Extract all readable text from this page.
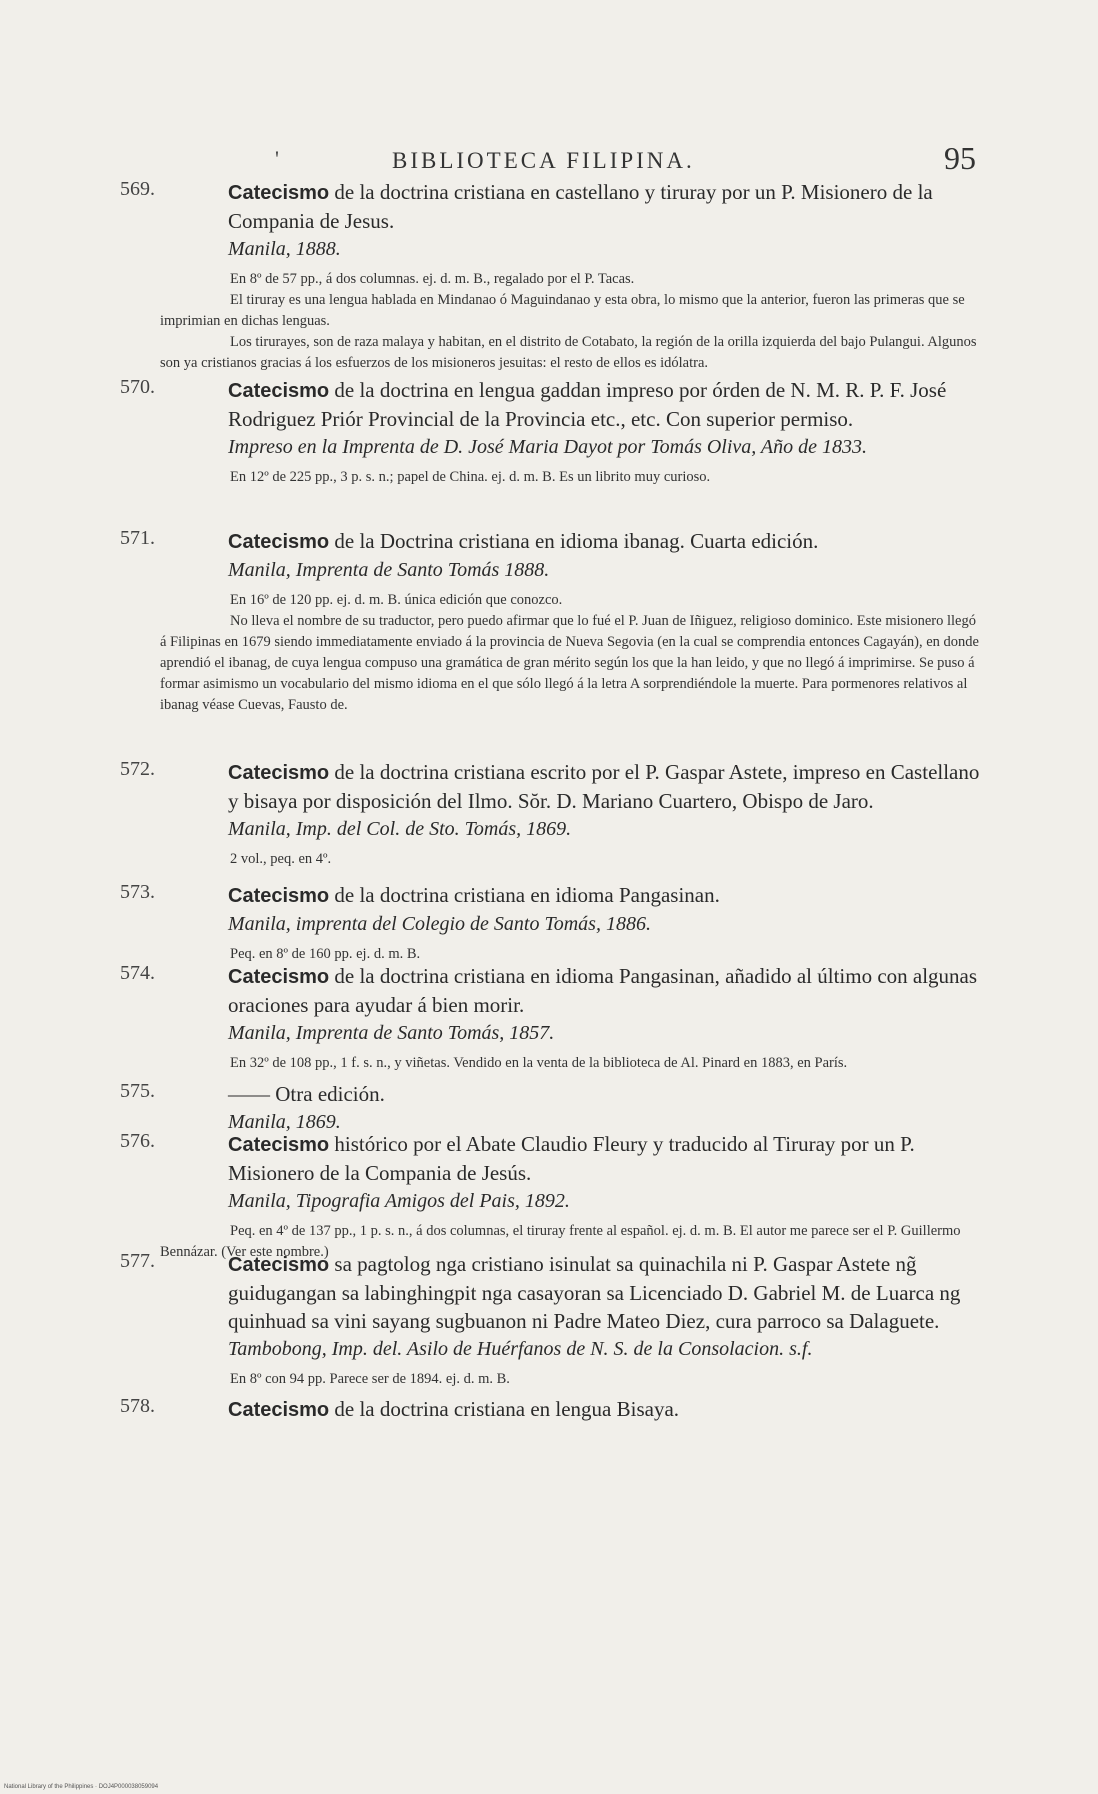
'	BIBLIOTECA FILIPINA.	95
569.	Catecismo de la doctrina cristiana en castellano y tiruray por un P. Misionero de la Compania de Jesus.
Manila, 1888.
En 8º de 57 pp., á dos columnas. ej. d. m. B., regalado por el P. Tacas.
El tiruray es una lengua hablada en Mindanao ó Maguindanao y esta obra, lo mismo que la anterior, fueron las primeras que se imprimian en dichas lenguas.
Los tirurayes, son de raza malaya y habitan, en el distrito de Cotabato, la región de la orilla izquierda del bajo Pulangui. Algunos son ya cristianos gracias á los esfuerzos de los misioneros jesuitas: el resto de ellos es idólatra.
570.	Catecismo de la doctrina en lengua gaddan impreso por órden de N. M. R. P. F. José Rodriguez Priór Provincial de la Provincia etc., etc. Con superior permiso.
Impreso en la Imprenta de D. José Maria Dayot por Tomás Oliva, Año de 1833.
En 12º de 225 pp., 3 p. s. n.; papel de China. ej. d. m. B. Es un librito muy curioso.
571.	Catecismo de la Doctrina cristiana en idioma ibanag. Cuarta edición.
Manila, Imprenta de Santo Tomás 1888.
En 16º de 120 pp. ej. d. m. B. única edición que conozco.
No lleva el nombre de su traductor, pero puedo afirmar que lo fué el P. Juan de Iñiguez, religioso dominico. Este misionero llegó á Filipinas en 1679 siendo immediatamente enviado á la provincia de Nueva Segovia (en la cual se comprendia entonces Cagayán), en donde aprendió el ibanag, de cuya lengua compuso una gramática de gran mérito según los que la han leido, y que no llegó á imprimirse. Se puso á formar asimismo un vocabulario del mismo idioma en el que sólo llegó á la letra A sorprendiéndole la muerte. Para pormenores relativos al ibanag véase Cuevas, Fausto de.
572.	Catecismo de la doctrina cristiana escrito por el P. Gaspar Astete, impreso en Castellano y bisaya por disposición del Ilmo. Sŏr. D. Mariano Cuartero, Obispo de Jaro.
Manila, Imp. del Col. de Sto. Tomás, 1869.
2 vol., peq. en 4º.
573.	Catecismo de la doctrina cristiana en idioma Pangasinan.
Manila, imprenta del Colegio de Santo Tomás, 1886.
Peq. en 8º de 160 pp. ej. d. m. B.
574.	Catecismo de la doctrina cristiana en idioma Pangasinan, añadido al último con algunas oraciones para ayudar á bien morir.
Manila, Imprenta de Santo Tomás, 1857.
En 32º de 108 pp., 1 f. s. n., y viñetas. Vendido en la venta de la biblioteca de Al. Pinard en 1883, en París.
575.	—— Otra edición.
Manila, 1869.
576.	Catecismo histórico por el Abate Claudio Fleury y traducido al Tiruray por un P. Misionero de la Compania de Jesús.
Manila, Tipografia Amigos del Pais, 1892.
Peq. en 4º de 137 pp., 1 p. s. n., á dos columnas, el tiruray frente al español. ej. d. m. B. El autor me parece ser el P. Guillermo Bennázar. (Ver este nombre.)
577.	Catecismo sa pagtolog nga cristiano isinulat sa quinachila ni P. Gaspar Astete ng̃ guidugangan sa labinghingpit nga casayoran sa Licenciado D. Gabriel M. de Luarca ng quinhuad sa vini sayang sugbuanon ni Padre Mateo Diez, cura parroco sa Dalaguete.
Tambobong, Imp. del. Asilo de Huérfanos de N. S. de la Consolacion. s.f.
En 8º con 94 pp. Parece ser de 1894. ej. d. m. B.
578.	Catecismo de la doctrina cristiana en lengua Bisaya.
National Library of the Philippines · DOJ4P000038059094
